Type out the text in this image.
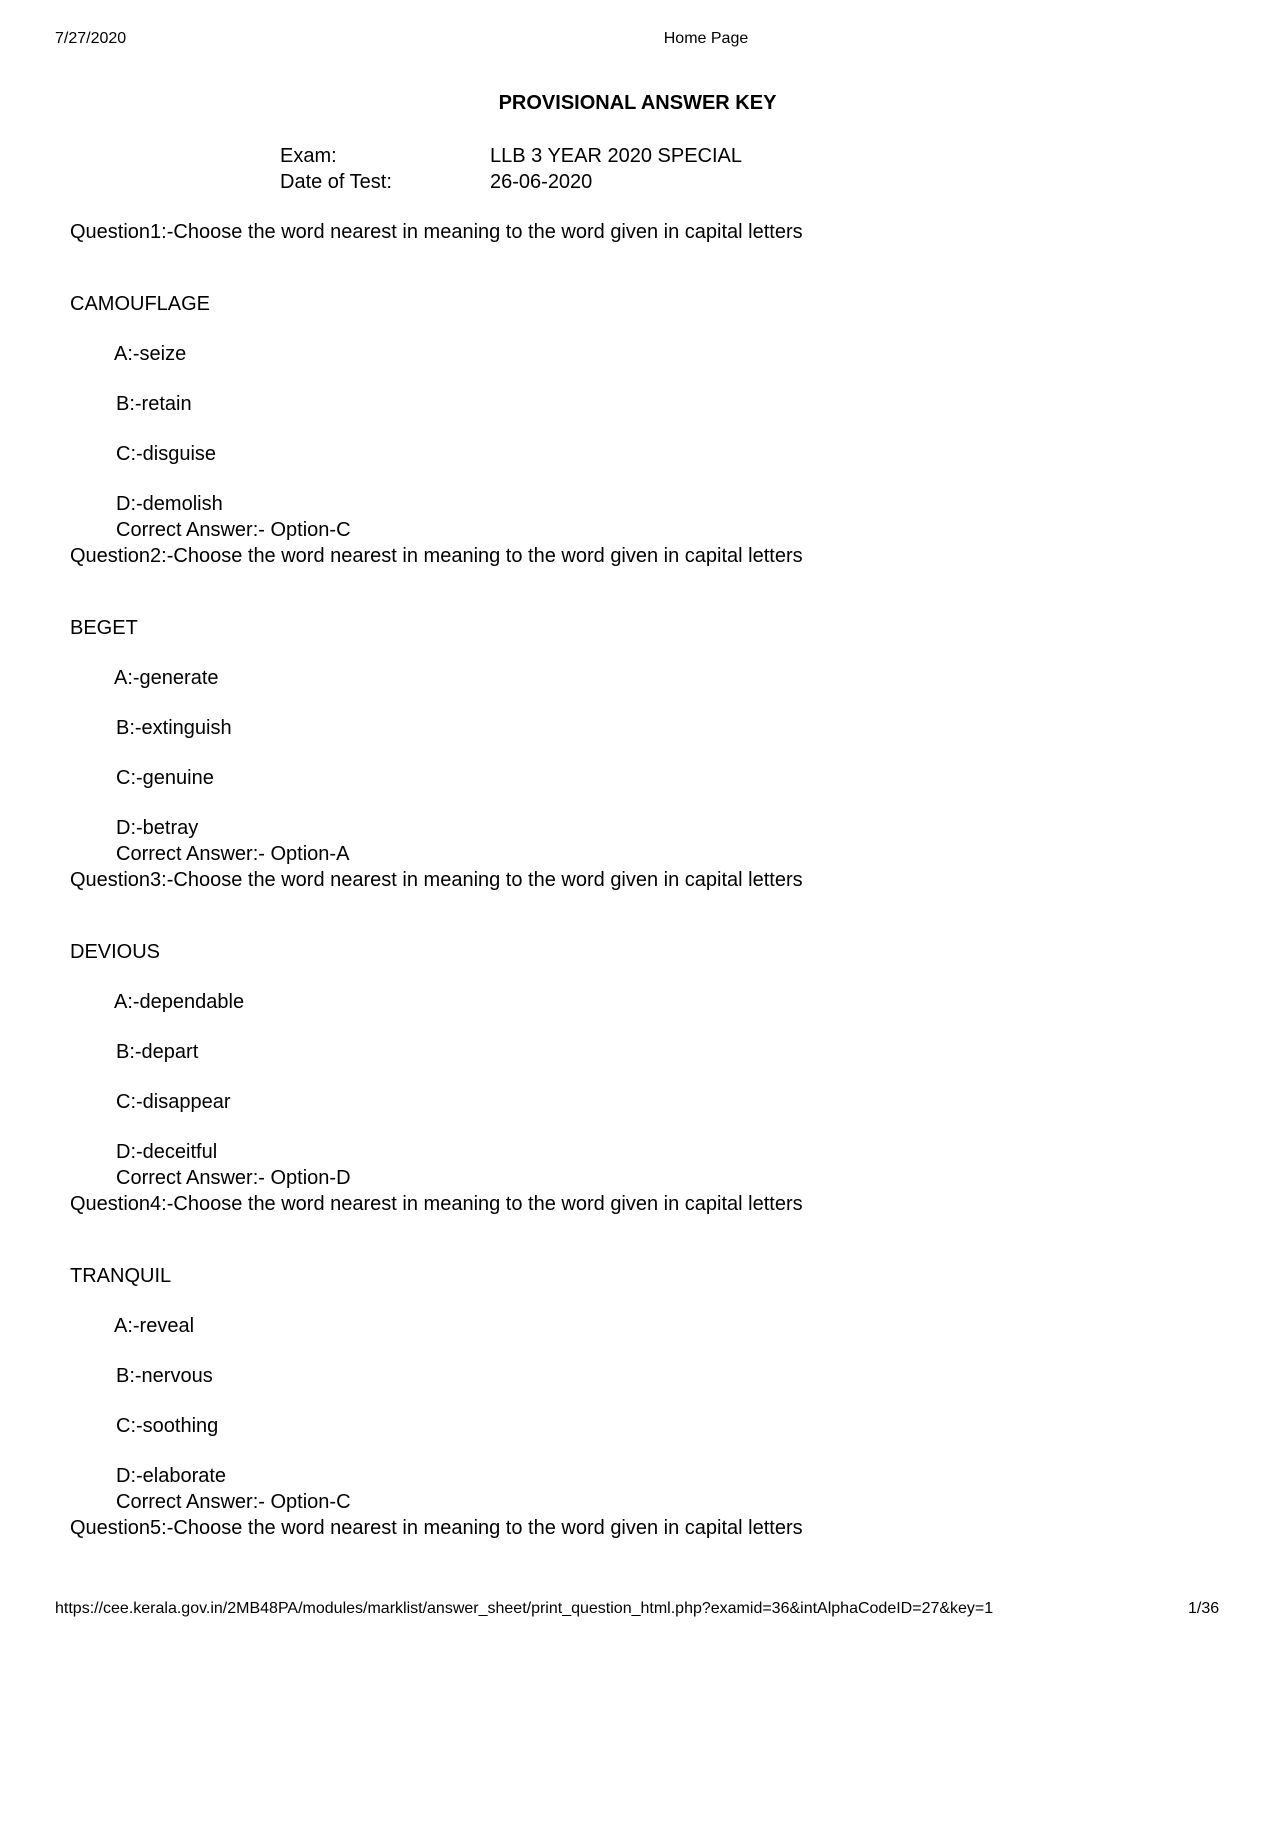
7/27/2020	Home Page
PROVISIONAL ANSWER KEY
Exam:	LLB 3 YEAR 2020 SPECIAL
Date of Test:	26-06-2020
Question1:-Choose the word nearest in meaning to the word given in capital letters
CAMOUFLAGE
A:-seize
B:-retain
C:-disguise
D:-demolish
Correct Answer:- Option-C
Question2:-Choose the word nearest in meaning to the word given in capital letters
BEGET
A:-generate
B:-extinguish
C:-genuine
D:-betray
Correct Answer:- Option-A
Question3:-Choose the word nearest in meaning to the word given in capital letters
DEVIOUS
A:-dependable
B:-depart
C:-disappear
D:-deceitful
Correct Answer:- Option-D
Question4:-Choose the word nearest in meaning to the word given in capital letters
TRANQUIL
A:-reveal
B:-nervous
C:-soothing
D:-elaborate
Correct Answer:- Option-C
Question5:-Choose the word nearest in meaning to the word given in capital letters
https://cee.kerala.gov.in/2MB48PA/modules/marklist/answer_sheet/print_question_html.php?examid=36&intAlphaCodeID=27&key=1	1/36
